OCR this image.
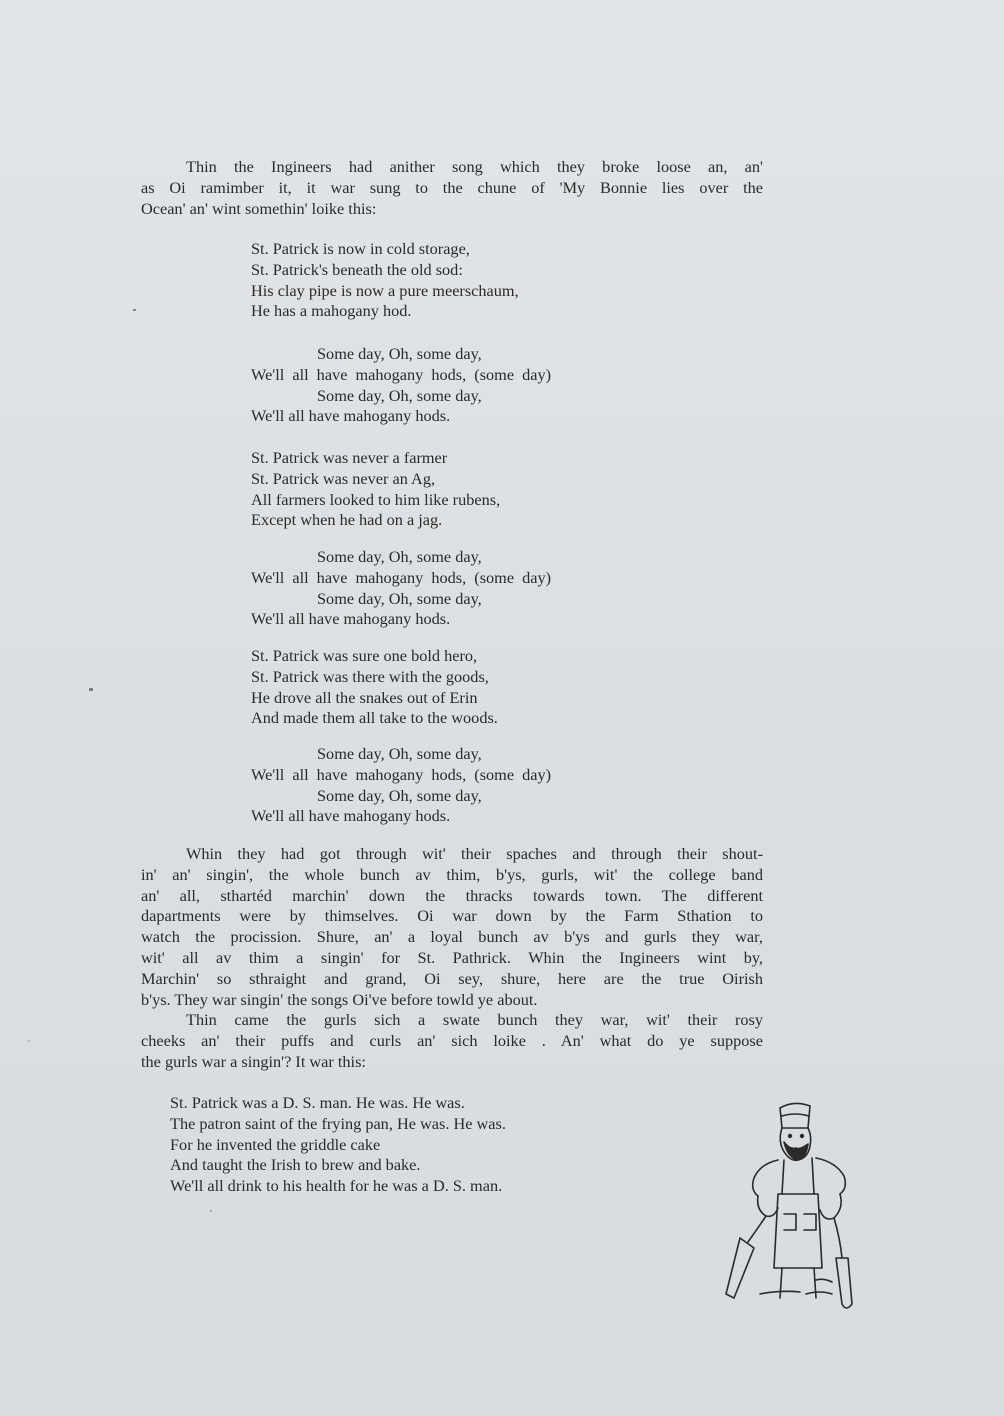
Thin the Ingineers had anither song which they broke loose an, an'
as Oi ramimber it, it war sung to the chune of 'My Bonnie lies over the
Ocean' an' wint somethin' loike this:
St. Patrick is now in cold storage,
St. Patrick's beneath the old sod:
His clay pipe is now a pure meerschaum,
He has a mahogany hod.
Some day, Oh, some day,
We'll all have mahogany hods, (some day)
Some day, Oh, some day,
We'll all have mahogany hods.
St. Patrick was never a farmer
St. Patrick was never an Ag,
All farmers looked to him like rubens,
Except when he had on a jag.
Some day, Oh, some day,
We'll all have mahogany hods, (some day)
Some day, Oh, some day,
We'll all have mahogany hods.
St. Patrick was sure one bold hero,
St. Patrick was there with the goods,
He drove all the snakes out of Erin
And made them all take to the woods.
Some day, Oh, some day,
We'll all have mahogany hods, (some day)
Some day, Oh, some day,
We'll all have mahogany hods.
Whin they had got through wit' their spaches and through their shout-
in' an' singin', the whole bunch av thim, b'ys, gurls, wit' the college band
an' all, sthartéd marchin' down the thracks towards town. The different
dapartments were by thimselves. Oi war down by the Farm Sthation to
watch the procission. Shure, an' a loyal bunch av b'ys and gurls they war,
wit' all av thim a singin' for St. Pathrick. Whin the Ingineers wint by,
Marchin' so sthraight and grand, Oi sey, shure, here are the true Oirish
b'ys. They war singin' the songs Oi've before towld ye about.
Thin came the gurls sich a swate bunch they war, wit' their rosy
cheeks an' their puffs and curls an' sich loike . An' what do ye suppose
the gurls war a singin'? It war this:
St. Patrick was a D. S. man. He was. He was.
The patron saint of the frying pan, He was. He was.
For he invented the griddle cake
And taught the Irish to brew and bake.
We'll all drink to his health for he was a D. S. man.
